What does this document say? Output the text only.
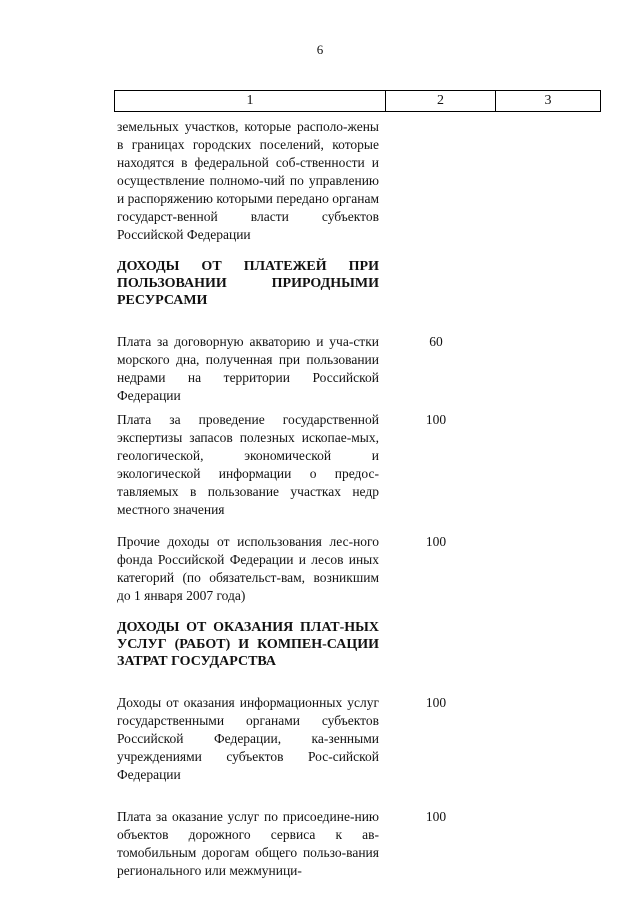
6
1	2	3
земельных участков, которые располо-жены в границах городских поселений, которые находятся в федеральной соб-ственности и осуществление полномо-чий по управлению и распоряжению которыми передано органам государст-венной власти субъектов Российской Федерации
ДОХОДЫ ОТ ПЛАТЕЖЕЙ ПРИ ПОЛЬЗОВАНИИ ПРИРОДНЫМИ РЕСУРСАМИ
Плата за договорную акваторию и уча-стки морского дна, полученная при пользовании недрами на территории Российской Федерации
60
Плата за проведение государственной экспертизы запасов полезных ископае-мых, геологической, экономической и экологической информации о предос-тавляемых в пользование участках недр местного значения
100
Прочие доходы от использования лес-ного фонда Российской Федерации и лесов иных категорий (по обязательст-вам, возникшим до 1 января 2007 года)
100
ДОХОДЫ ОТ ОКАЗАНИЯ ПЛАТ-НЫХ УСЛУГ (РАБОТ) И КОМПЕН-САЦИИ ЗАТРАТ ГОСУДАРСТВА
Доходы от оказания информационных услуг государственными органами субъектов Российской Федерации, ка-зенными учреждениями субъектов Рос-сийской Федерации
100
Плата за оказание услуг по присоедине-нию объектов дорожного сервиса к ав-томобильным дорогам общего пользо-вания регионального или межмуници-
100
